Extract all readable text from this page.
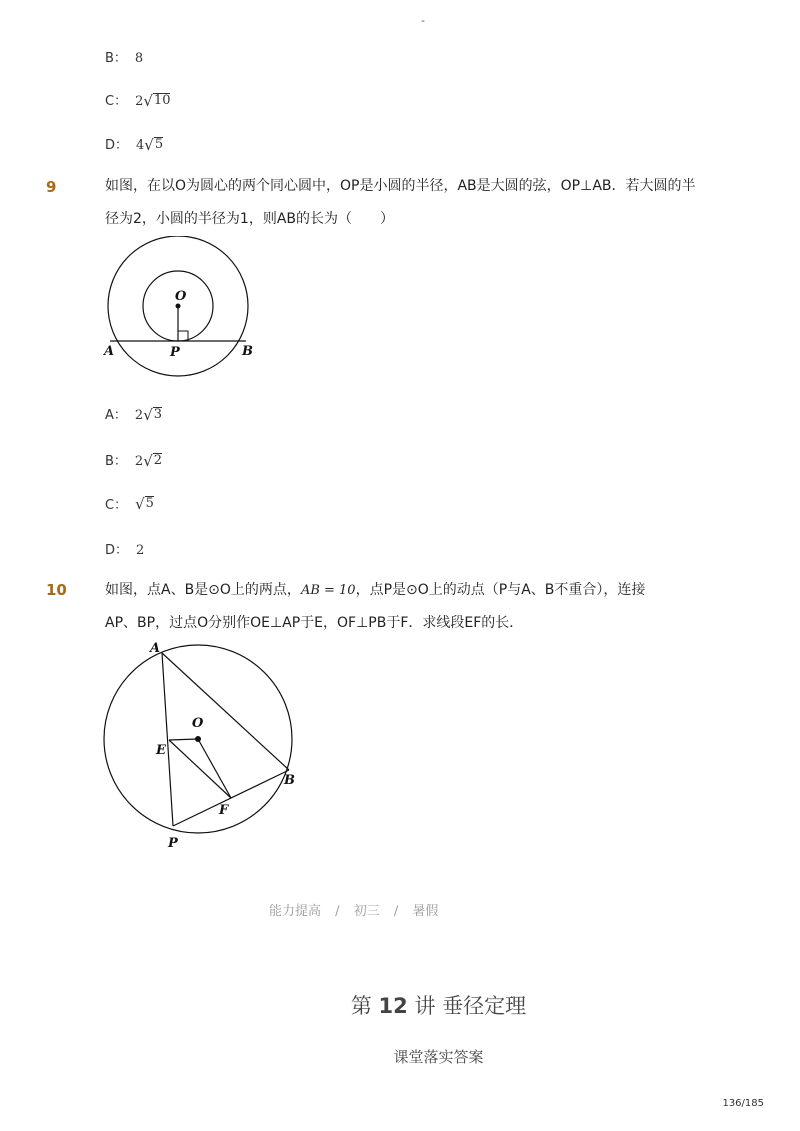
-
B： 8
C： 2 √ 10
D： 4 √ 5
9	如图，在以O为圆心的两个同心圆中，OP是小圆的半径，AB是大圆的弦，OP⊥AB．若大圆的半
径为2，小圆的半径为1，则AB的长为（　　）
O
A	P	B
A： 2 √ 3
B： 2 √ 2
C： √ 5
D： 2
10	如图，点A、B是⊙O上的两点，AB = 10，点P是⊙O上的动点（P与A、B不重合），连接
AP、BP，过点O分别作OE⊥AP于E，OF⊥PB于F．求线段EF的长．
A
O
E
B
F
P
能力提高 / 初三 / 暑假
第 12 讲 垂径定理
课堂落实答案
136/185
